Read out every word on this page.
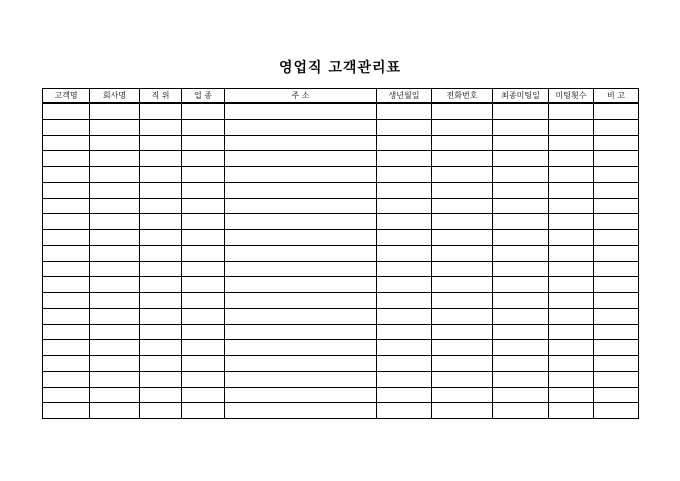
영업직 고객관리표
고객명	회사명	직 위	업 종	주 소	생년월일	전화번호	최종미팅일	미팅횟수	비 고
